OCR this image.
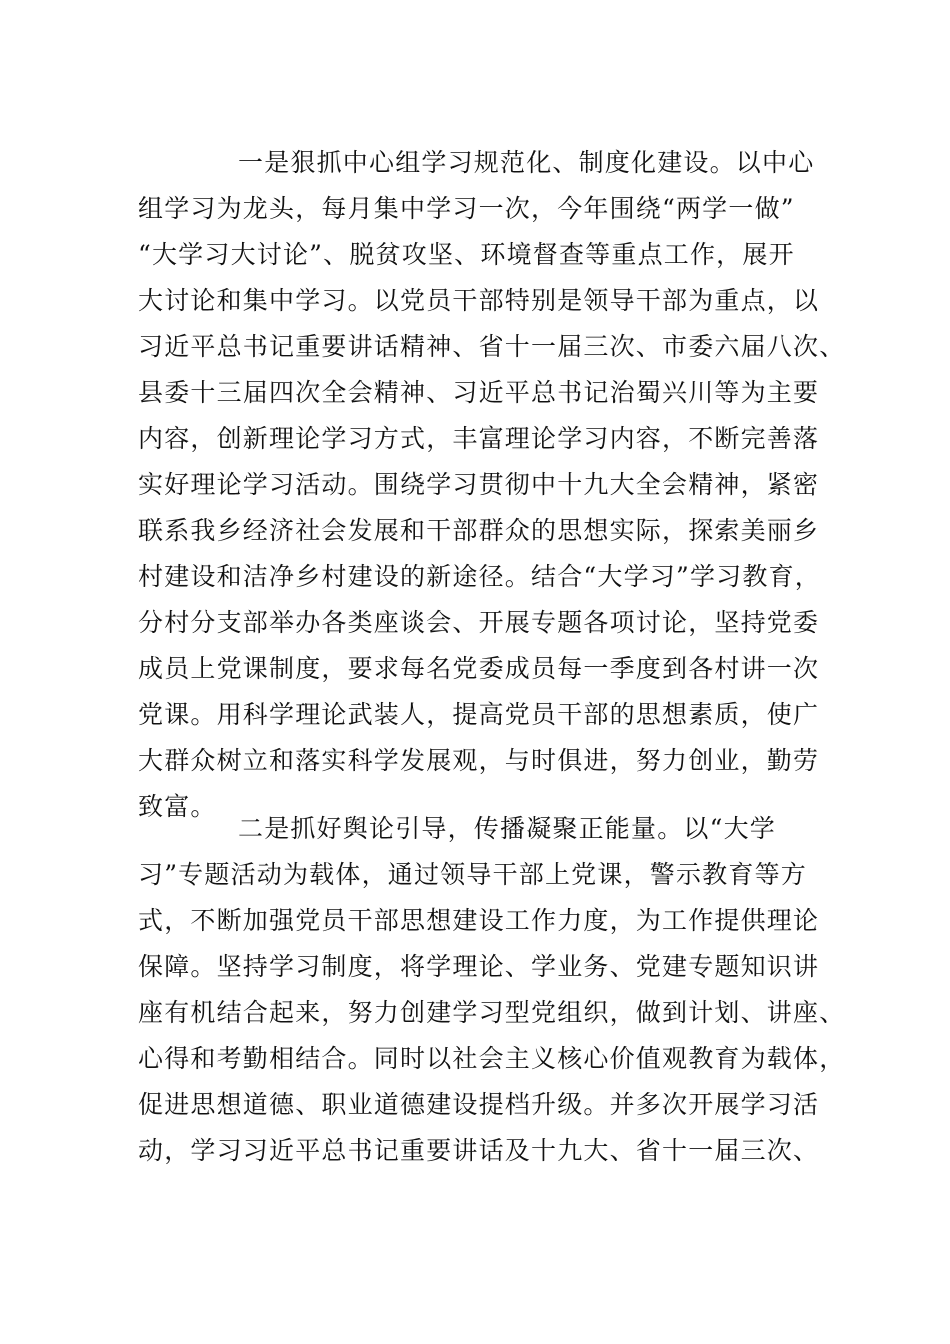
一是狠抓中心组学习规范化、制度化建设。以中心
组学习为龙头，每月集中学习一次，今年围绕“两学一做”
“大学习大讨论”、脱贫攻坚、环境督查等重点工作，展开
大讨论和集中学习。以党员干部特别是领导干部为重点，以
习近平总书记重要讲话精神、省十一届三次、市委六届八次、
县委十三届四次全会精神、习近平总书记治蜀兴川等为主要
内容，创新理论学习方式，丰富理论学习内容，不断完善落
实好理论学习活动。围绕学习贯彻中十九大全会精神，紧密
联系我乡经济社会发展和干部群众的思想实际，探索美丽乡
村建设和洁净乡村建设的新途径。结合“大学习”学习教育，
分村分支部举办各类座谈会、开展专题各项讨论，坚持党委
成员上党课制度，要求每名党委成员每一季度到各村讲一次
党课。用科学理论武装人，提高党员干部的思想素质，使广
大群众树立和落实科学发展观，与时俱进，努力创业，勤劳
致富。
二是抓好舆论引导，传播凝聚正能量。以“大学
习”专题活动为载体，通过领导干部上党课，警示教育等方
式，不断加强党员干部思想建设工作力度，为工作提供理论
保障。坚持学习制度，将学理论、学业务、党建专题知识讲
座有机结合起来，努力创建学习型党组织，做到计划、讲座、
心得和考勤相结合。同时以社会主义核心价值观教育为载体，
促进思想道德、职业道德建设提档升级。并多次开展学习活
动，学习习近平总书记重要讲话及十九大、省十一届三次、
